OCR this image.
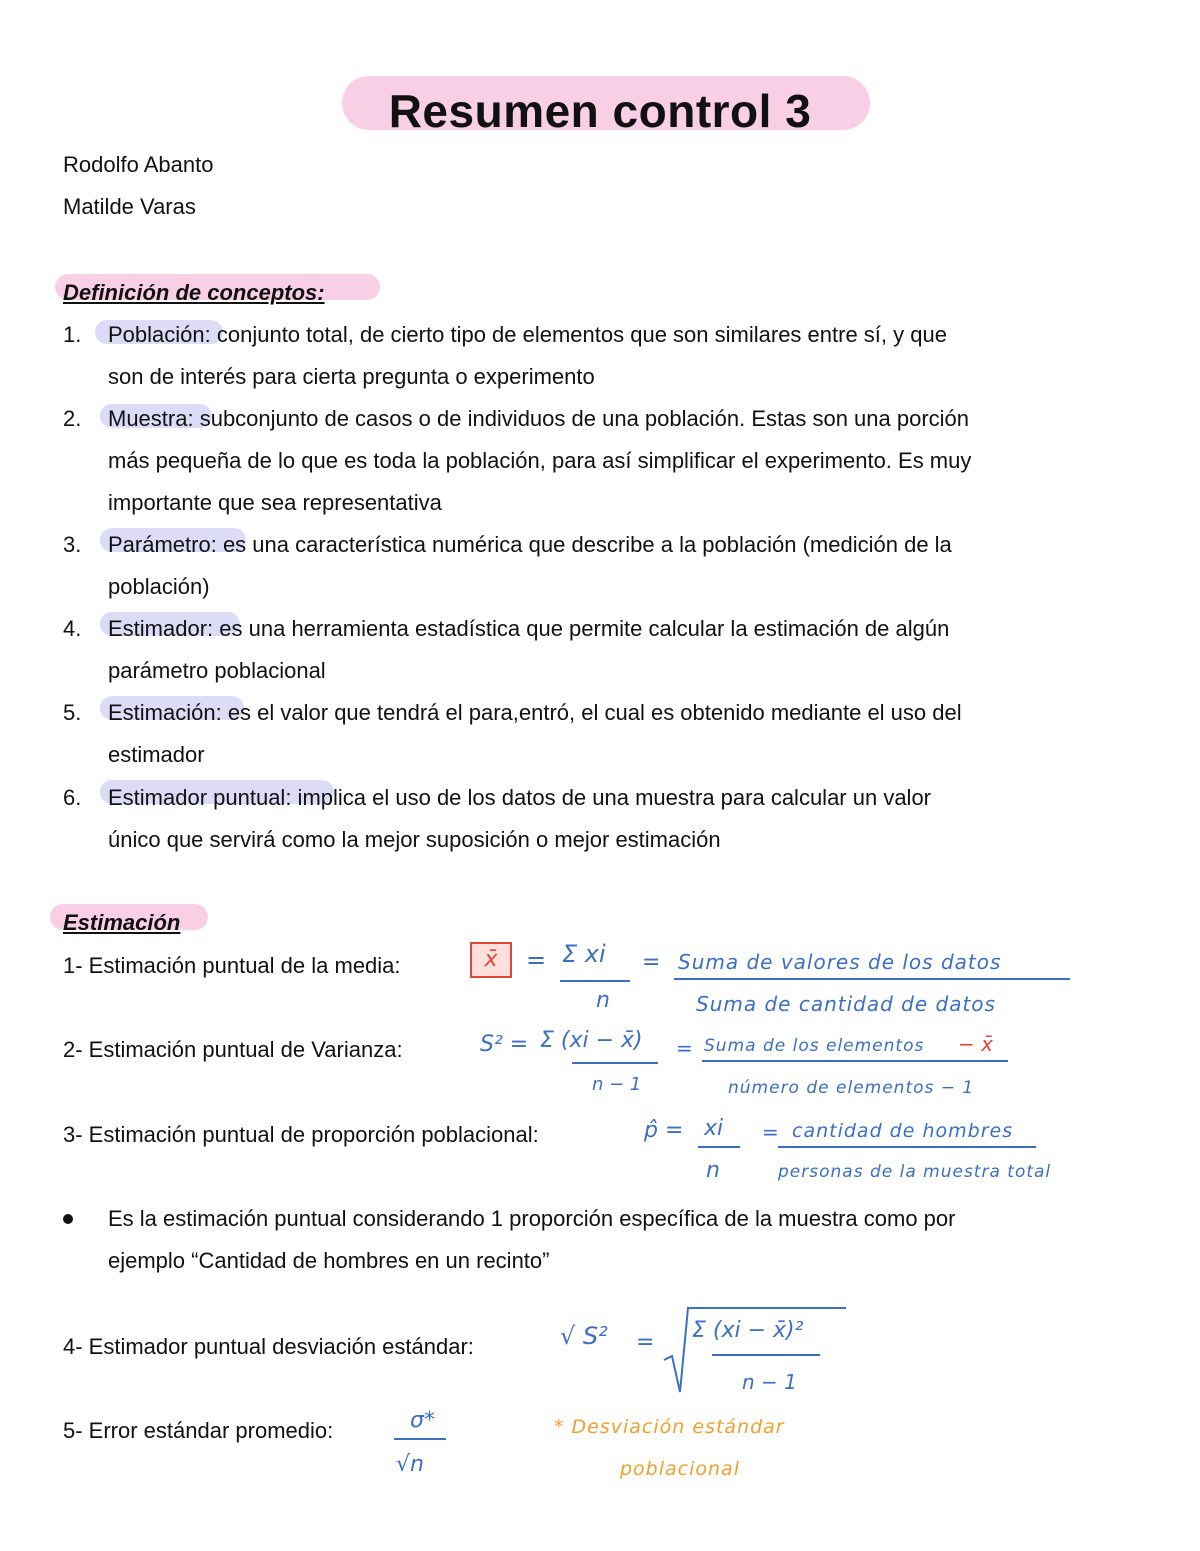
Resumen control 3
Rodolfo Abanto
Matilde Varas
Definición de conceptos:
1. Población: conjunto total, de cierto tipo de elementos que son similares entre sí, y que
son de interés para cierta pregunta o experimento
2. Muestra: subconjunto de casos o de individuos de una población. Estas son una porción
más pequeña de lo que es toda la población, para así simplificar el experimento. Es muy
importante que sea representativa
3. Parámetro: es una característica numérica que describe a la población (medición de la
población)
4. Estimador: es una herramienta estadística que permite calcular la estimación de algún
parámetro poblacional
5. Estimación: es el valor que tendrá el para,entró, el cual es obtenido mediante el uso del
estimador
6. Estimador puntual: implica el uso de los datos de una muestra para calcular un valor
único que servirá como la mejor suposición o mejor estimación
Estimación
1- Estimación puntual de la media:	x̄	= Σ xi
n
= Suma de valores de los datos
Suma de cantidad de datos
2- Estimación puntual de Varianza:	S² = Σ (xi − x̄)
n − 1
= Suma de los elementos − x̄
número de elementos − 1
3- Estimación puntual de proporción poblacional:	p̂ = xi
n
= cantidad de hombres
personas de la muestra total
Es la estimación puntual considerando 1 proporción específica de la muestra como por
ejemplo “Cantidad de hombres en un recinto”
4- Estimador puntual desviación estándar:	√ S² = Σ (xi − x̄)²
n − 1
5- Error estándar promedio:	σ*
√n
* Desviación estándar
poblacional
